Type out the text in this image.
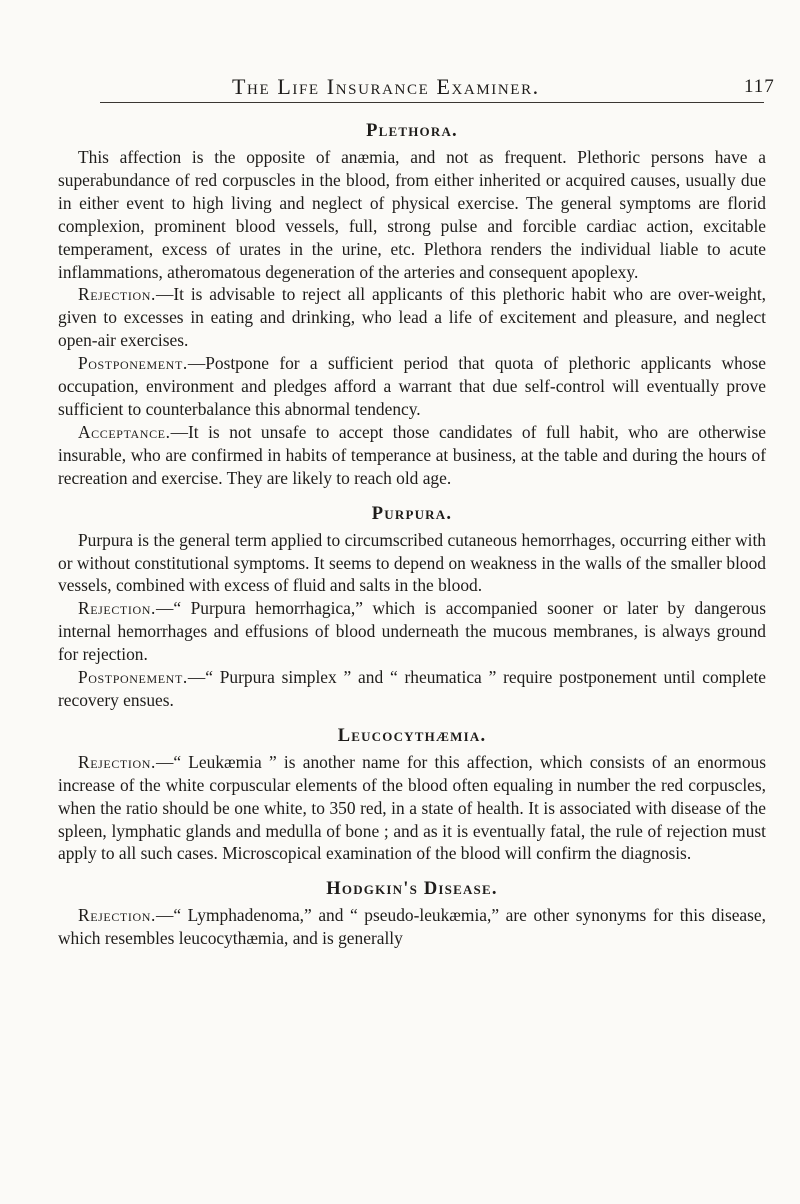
The Life Insurance Examiner.	117
Plethora.

This affection is the opposite of anæmia, and not as frequent. Plethoric persons have a superabundance of red corpuscles in the blood, from either inherited or acquired causes, usually due in either event to high living and neglect of physical exercise. The general symptoms are florid complexion, prominent blood vessels, full, strong pulse and forcible cardiac action, excitable temperament, excess of urates in the urine, etc. Plethora renders the individual liable to acute inflammations, atheromatous degeneration of the arteries and consequent apoplexy.

Rejection.—It is advisable to reject all applicants of this plethoric habit who are over-weight, given to excesses in eating and drinking, who lead a life of excitement and pleasure, and neglect open-air exercises.

Postponement.—Postpone for a sufficient period that quota of plethoric applicants whose occupation, environment and pledges afford a warrant that due self-control will eventually prove sufficient to counterbalance this abnormal tendency.

Acceptance.—It is not unsafe to accept those candidates of full habit, who are otherwise insurable, who are confirmed in habits of temperance at business, at the table and during the hours of recreation and exercise. They are likely to reach old age.

Purpura.

Purpura is the general term applied to circumscribed cutaneous hemorrhages, occurring either with or without constitutional symptoms. It seems to depend on weakness in the walls of the smaller blood vessels, combined with excess of fluid and salts in the blood.

Rejection.—“ Purpura hemorrhagica,” which is accompanied sooner or later by dangerous internal hemorrhages and effusions of blood underneath the mucous membranes, is always ground for rejection.

Postponement.—“ Purpura simplex ” and “ rheumatica ” require postponement until complete recovery ensues.

Leucocythæmia.

Rejection.—“ Leukæmia ” is another name for this affection, which consists of an enormous increase of the white corpuscular elements of the blood often equaling in number the red corpuscles, when the ratio should be one white, to 350 red, in a state of health. It is associated with disease of the spleen, lymphatic glands and medulla of bone ; and as it is eventually fatal, the rule of rejection must apply to all such cases. Microscopical examination of the blood will confirm the diagnosis.

Hodgkin's Disease.

Rejection.—“ Lymphadenoma,” and “ pseudo-leukæmia,” are other synonyms for this disease, which resembles leucocythæmia, and is generally
